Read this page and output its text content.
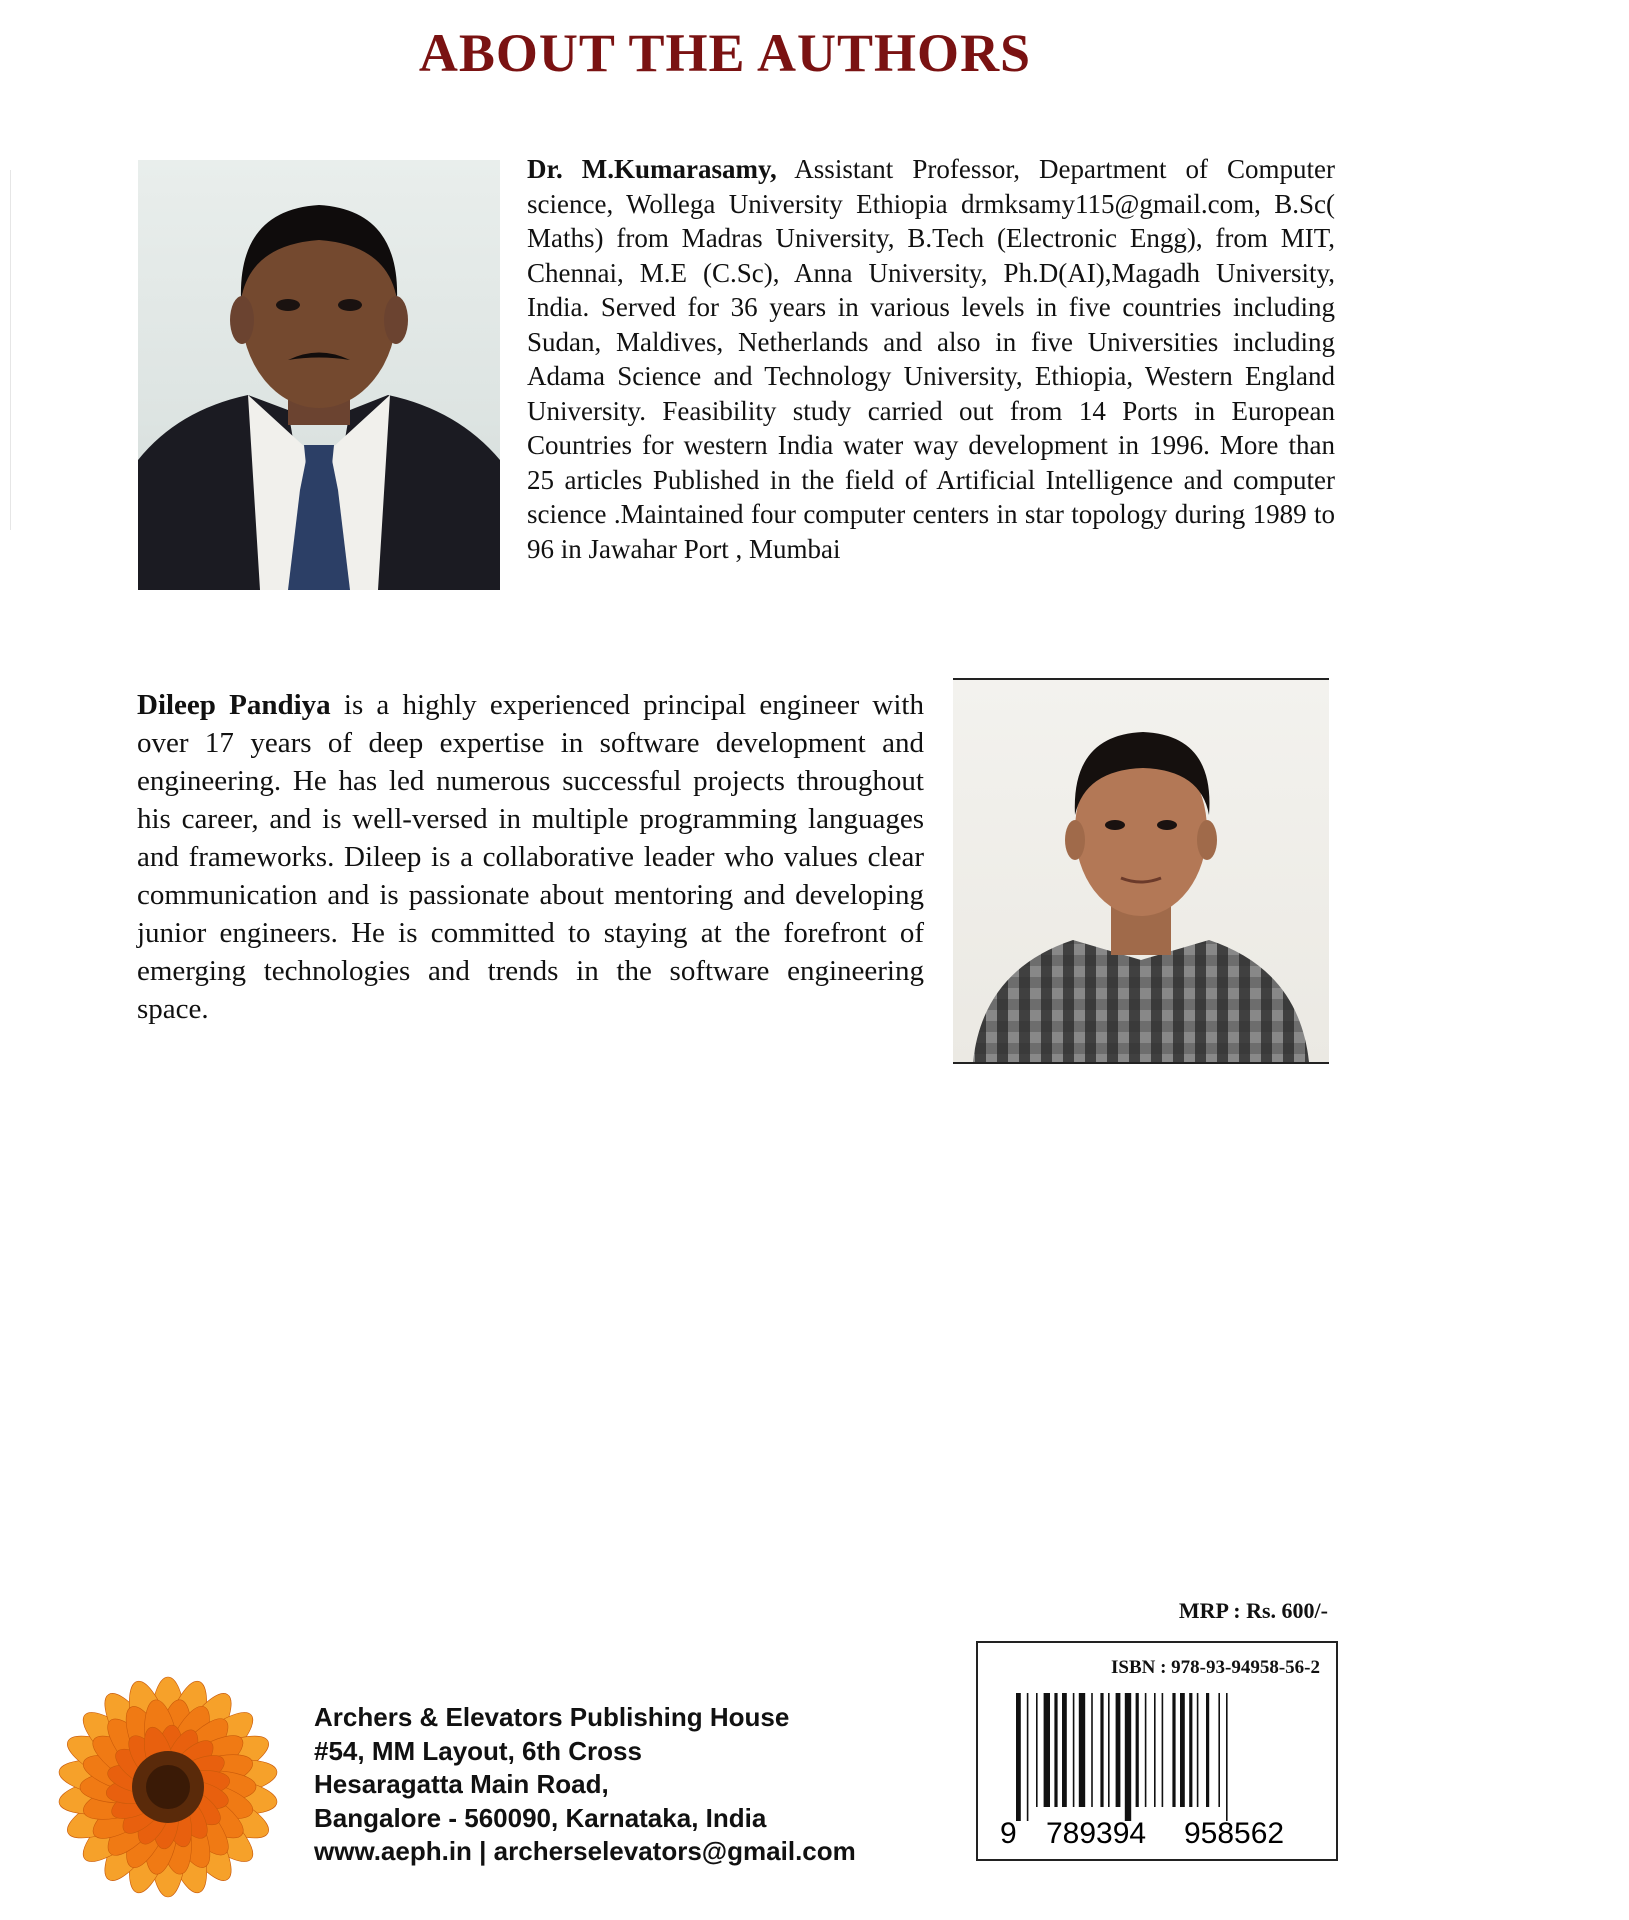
ABOUT THE AUTHORS
Dr. M.Kumarasamy, Assistant Professor, Department of Computer science, Wollega University Ethiopia drmksamy115@gmail.com, B.Sc( Maths) from Madras University, B.Tech (Electronic Engg), from MIT, Chennai, M.E (C.Sc), Anna University, Ph.D(AI),Magadh University, India. Served for 36 years in various levels in five countries including Sudan, Maldives, Netherlands and also in five Universities including Adama Science and Technology University, Ethiopia, Western England University. Feasibility study carried out from 14 Ports in European Countries for western India water way development in 1996. More than 25 articles Published in the field of Artificial Intelligence and computer science .Maintained four computer centers in star topology during 1989 to 96 in Jawahar Port , Mumbai
Dileep Pandiya is a highly experienced principal engineer with over 17 years of deep expertise in software development and engineering. He has led numerous successful projects throughout his career, and is well-versed in multiple programming languages and frameworks. Dileep is a collaborative leader who values clear communication and is passionate about mentoring and developing junior engineers. He is committed to staying at the forefront of emerging technologies and trends in the software engineering space.
MRP : Rs. 600/-
ISBN : 978-93-94958-56-2
9 789394 958562
Archers & Elevators Publishing House
#54, MM Layout, 6th Cross
Hesaragatta Main Road,
Bangalore - 560090, Karnataka, India
www.aeph.in | archerselevators@gmail.com
